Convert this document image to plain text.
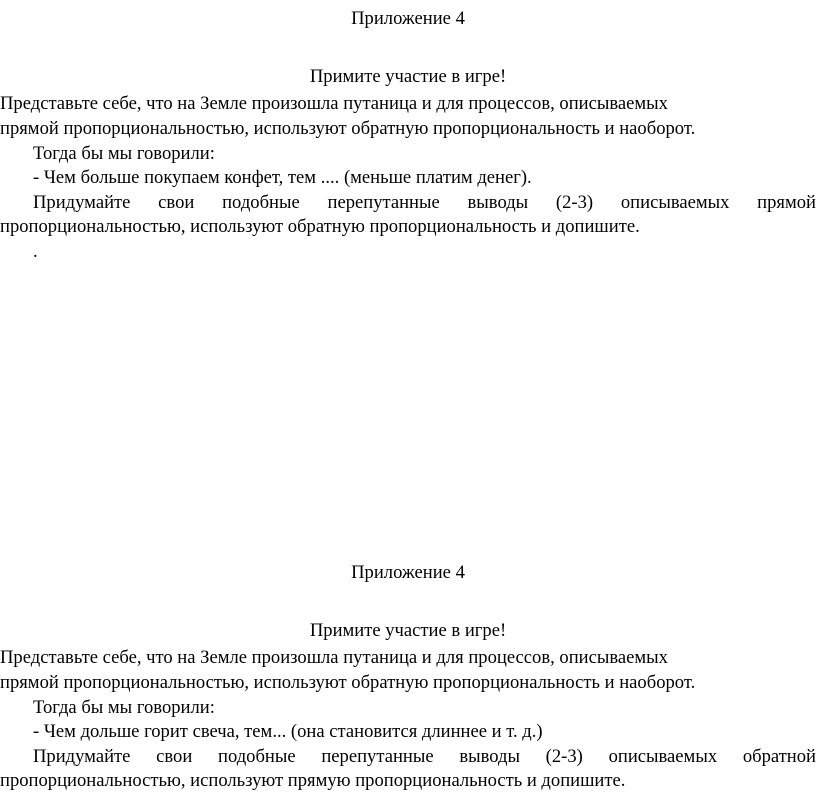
Приложение 4
Примите участие в игре!
Представьте себе, что на Земле произошла путаница и для процессов, описываемых
прямой пропорциональностью, используют обратную пропорциональность и наоборот.
Тогда бы мы говорили:
- Чем больше покупаем конфет, тем .... (меньше платим денег).
Придумайте свои подобные перепутанные выводы (2-3) описываемых прямой
пропорциональностью, используют обратную пропорциональность и допишите.
.
Приложение 4
Примите участие в игре!
Представьте себе, что на Земле произошла путаница и для процессов, описываемых
прямой пропорциональностью, используют обратную пропорциональность и наоборот.
Тогда бы мы говорили:
- Чем дольше горит свеча, тем... (она становится длиннее и т. д.)
Придумайте свои подобные перепутанные выводы (2-3) описываемых обратной
пропорциональностью, используют прямую пропорциональность и допишите.
